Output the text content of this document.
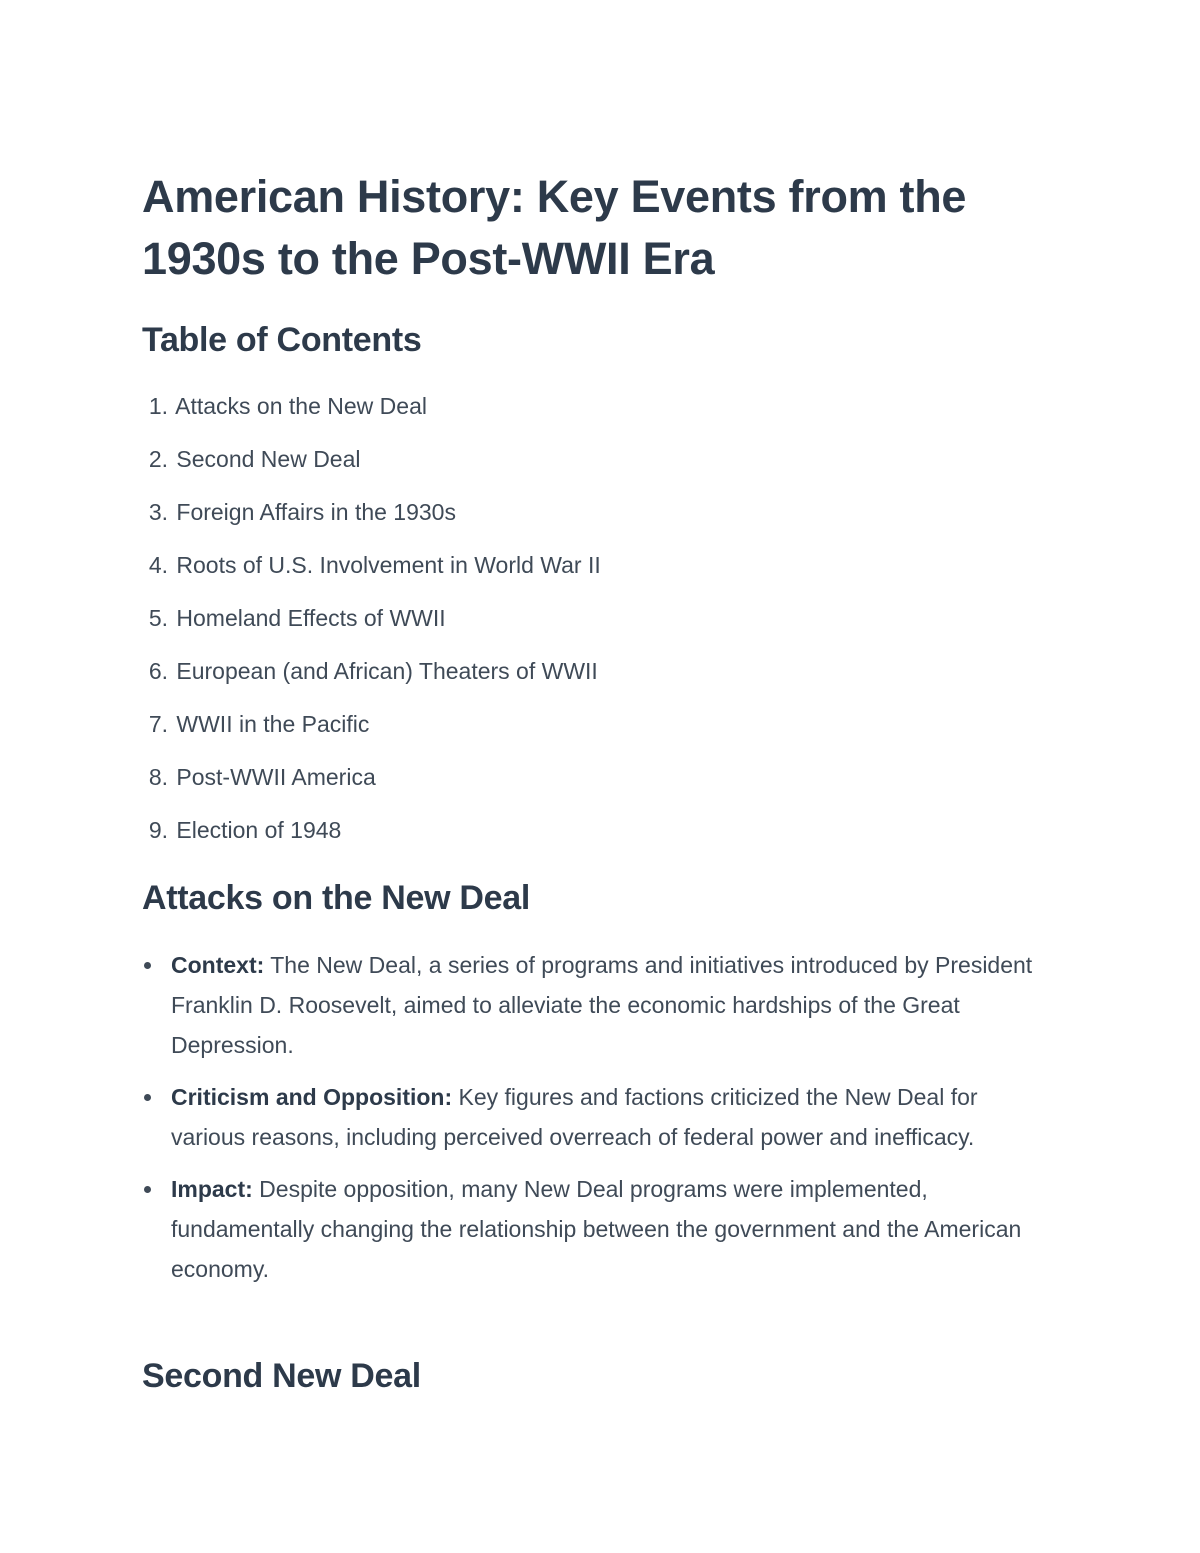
American History: Key Events from the 1930s to the Post-WWII Era
Table of Contents
1. Attacks on the New Deal
2. Second New Deal
3. Foreign Affairs in the 1930s
4. Roots of U.S. Involvement in World War II
5. Homeland Effects of WWII
6. European (and African) Theaters of WWII
7. WWII in the Pacific
8. Post-WWII America
9. Election of 1948
Attacks on the New Deal
Context: The New Deal, a series of programs and initiatives introduced by President Franklin D. Roosevelt, aimed to alleviate the economic hardships of the Great Depression.
Criticism and Opposition: Key figures and factions criticized the New Deal for various reasons, including perceived overreach of federal power and inefficacy.
Impact: Despite opposition, many New Deal programs were implemented, fundamentally changing the relationship between the government and the American economy.
Second New Deal
